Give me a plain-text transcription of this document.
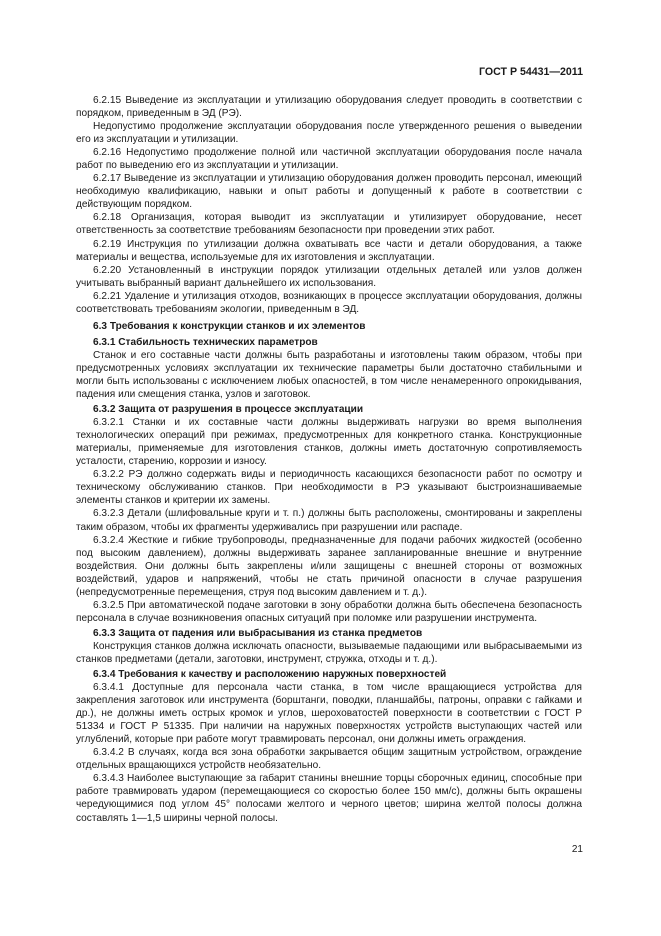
ГОСТ Р 54431—2011

6.2.15 Выведение из эксплуатации и утилизацию оборудования следует проводить в соответствии с порядком, приведенным в ЭД (РЭ).

Недопустимо продолжение эксплуатации оборудования после утвержденного решения о выведении его из эксплуатации и утилизации.

6.2.16 Недопустимо продолжение полной или частичной эксплуатации оборудования после начала работ по выведению его из эксплуатации и утилизации.

6.2.17 Выведение из эксплуатации и утилизацию оборудования должен проводить персонал, имеющий необходимую квалификацию, навыки и опыт работы и допущенный к работе в соответствии с действующим порядком.

6.2.18 Организация, которая выводит из эксплуатации и утилизирует оборудование, несет ответственность за соответствие требованиям безопасности при проведении этих работ.

6.2.19 Инструкция по утилизации должна охватывать все части и детали оборудования, а также материалы и вещества, используемые для их изготовления и эксплуатации.

6.2.20 Установленный в инструкции порядок утилизации отдельных деталей или узлов должен учитывать выбранный вариант дальнейшего их использования.

6.2.21 Удаление и утилизация отходов, возникающих в процессе эксплуатации оборудования, должны соответствовать требованиям экологии, приведенным в ЭД.

6.3 Требования к конструкции станков и их элементов

6.3.1 Стабильность технических параметров

Станок и его составные части должны быть разработаны и изготовлены таким образом, чтобы при предусмотренных условиях эксплуатации их технические параметры были достаточно стабильными и могли быть использованы с исключением любых опасностей, в том числе ненамеренного опрокидывания, падения или смещения станка, узлов и заготовок.

6.3.2 Защита от разрушения в процессе эксплуатации

6.3.2.1 Станки и их составные части должны выдерживать нагрузки во время выполнения технологических операций при режимах, предусмотренных для конкретного станка. Конструкционные материалы, применяемые для изготовления станков, должны иметь достаточную сопротивляемость усталости, старению, коррозии и износу.

6.3.2.2 РЭ должно содержать виды и периодичность касающихся безопасности работ по осмотру и техническому обслуживанию станков. При необходимости в РЭ указывают быстроизнашиваемые элементы станков и критерии их замены.

6.3.2.3 Детали (шлифовальные круги и т. п.) должны быть расположены, смонтированы и закреплены таким образом, чтобы их фрагменты удерживались при разрушении или распаде.

6.3.2.4 Жесткие и гибкие трубопроводы, предназначенные для подачи рабочих жидкостей (особенно под высоким давлением), должны выдерживать заранее запланированные внешние и внутренние воздействия. Они должны быть закреплены и/или защищены с внешней стороны от возможных воздействий, ударов и напряжений, чтобы не стать причиной опасности в случае разрушения (непредусмотренные перемещения, струя под высоким давлением и т. д.).

6.3.2.5 При автоматической подаче заготовки в зону обработки должна быть обеспечена безопасность персонала в случае возникновения опасных ситуаций при поломке или разрушении инструмента.

6.3.3 Защита от падения или выбрасывания из станка предметов

Конструкция станков должна исключать опасности, вызываемые падающими или выбрасываемыми из станков предметами (детали, заготовки, инструмент, стружка, отходы и т. д.).

6.3.4 Требования к качеству и расположению наружных поверхностей

6.3.4.1 Доступные для персонала части станка, в том числе вращающиеся устройства для закрепления заготовок или инструмента (борштанги, поводки, планшайбы, патроны, оправки с гайками и др.), не должны иметь острых кромок и углов, шероховатостей поверхности в соответствии с ГОСТ Р 51334 и ГОСТ Р 51335. При наличии на наружных поверхностях устройств выступающих частей или углублений, которые при работе могут травмировать персонал, они должны иметь ограждения.

6.3.4.2 В случаях, когда вся зона обработки закрывается общим защитным устройством, ограждение отдельных вращающихся устройств необязательно.

6.3.4.3 Наиболее выступающие за габарит станины внешние торцы сборочных единиц, способные при работе травмировать ударом (перемещающиеся со скоростью более 150 мм/с), должны быть окрашены чередующимися под углом 45° полосами желтого и черного цветов; ширина желтой полосы должна составлять 1—1,5 ширины черной полосы.

21
